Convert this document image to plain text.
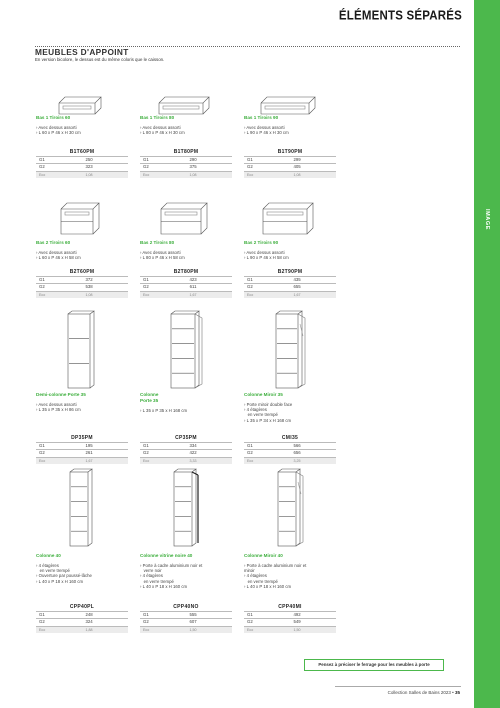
ÉLÉMENTS SÉPARÉS
IMAGE
MEUBLES D'APPOINT
En version bicolore, le dessus est du même coloris que le caisson.
Bas 1 Tiroirs 60
› Avec dessus assorti
› L 60 x P 46 x H 30 cm
B1T60PM
G1	250	
G2	323	
Eco	1,08	
Bas 1 Tiroirs 80
› Avec dessus assorti
› L 80 x P 46 x H 30 cm
B1T80PM
G1	290	
G2	375	
Eco	1,08	
Bas 1 Tiroirs 90
› Avec dessus assorti
› L 90 x P 46 x H 30 cm
B1T90PM
G1	299	
G2	405	
Eco	1,08	
Bas 2 Tiroirs 60
› Avec dessus assorti
› L 60 x P 46 x H 58 cm
B2T60PM
G1	372	
G2	538	
Eco	1,08	
Bas 2 Tiroirs 80
› Avec dessus assorti
› L 80 x P 46 x H 58 cm
B2T80PM
G1	423	
G2	611	
Eco	1,67	
Bas 2 Tiroirs 90
› Avec dessus assorti
› L 90 x P 46 x H 58 cm
B2T90PM
G1	435	
G2	655	
Eco	1,67	
Demi-colonne Porte 35
› Avec dessus assorti
› L 35 x P 35 x H 86 cm
DP35PM
G1	195	
G2	261	
Eco	1,67	
Colonne
Porte 35
› L 35 x P 35 x H 168 cm
CP35PM
G1	334	
G2	422	
Eco	3,33	
Colonne Miroir 35
› Porte miroir double face
› 4 étagères
en verre trempé
› L 35 x P 34 x H 168 cm
CMI35
G1	566	
G2	656	
Eco	3,25	
Colonne 40
› 4 étagères
en verre trempé
› Ouverture par poussé-lâche
› L 40 x P 18 x H 160 cm
CPP40PL
G1	248	
G2	324	
Eco	1,88	
Colonne vitrine noire 40
› Porte à cadre aluminium noir et
verre noir
› 4 étagères
en verre trempé
› L 40 x P 18 x H 160 cm
CPP40NO
G1	555	
G2	607	
Eco	1,50	
Colonne Miroir 40
› Porte à cadre aluminium noir et
miroir
› 4 étagères
en verre trempé
› L 40 x P 18 x H 160 cm
CPP40MI
G1	492	
G2	549	
Eco	1,50	
Pensez à préciser le ferrage pour les meubles à porte
Collection Salles de Bains 2023 • 35
